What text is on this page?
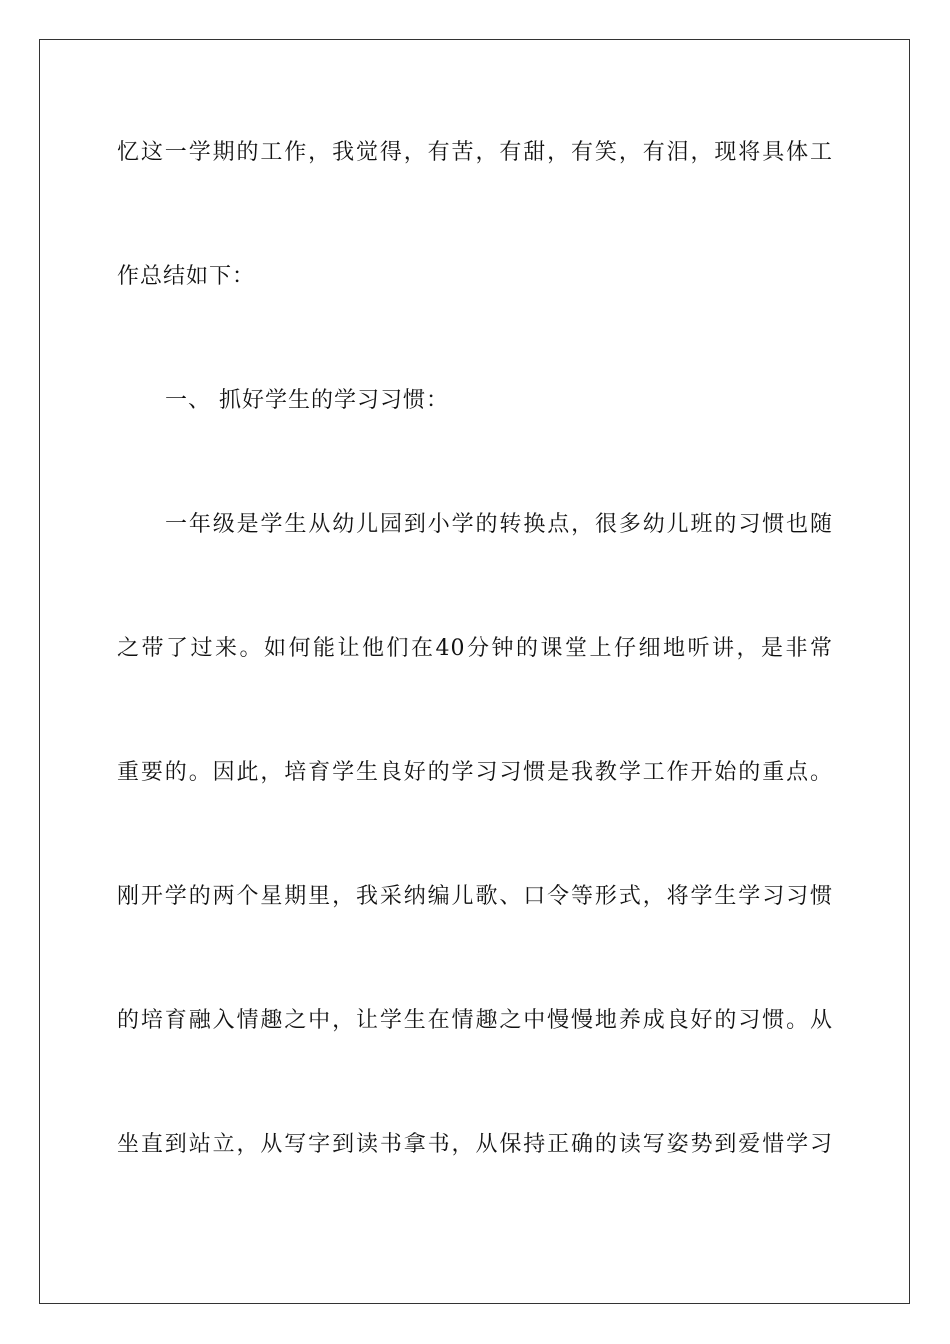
忆这一学期的工作，我觉得，有苦，有甜，有笑，有泪，现将具体工
作总结如下：
一、 抓好学生的学习习惯：
一年级是学生从幼儿园到小学的转换点，很多幼儿班的习惯也随
之带了过来。如何能让他们在40分钟的课堂上仔细地听讲，是非常
重要的。因此，培育学生良好的学习习惯是我教学工作开始的重点。
刚开学的两个星期里，我采纳编儿歌、口令等形式，将学生学习习惯
的培育融入情趣之中，让学生在情趣之中慢慢地养成良好的习惯。从
坐直到站立，从写字到读书拿书，从保持正确的读写姿势到爱惜学习
